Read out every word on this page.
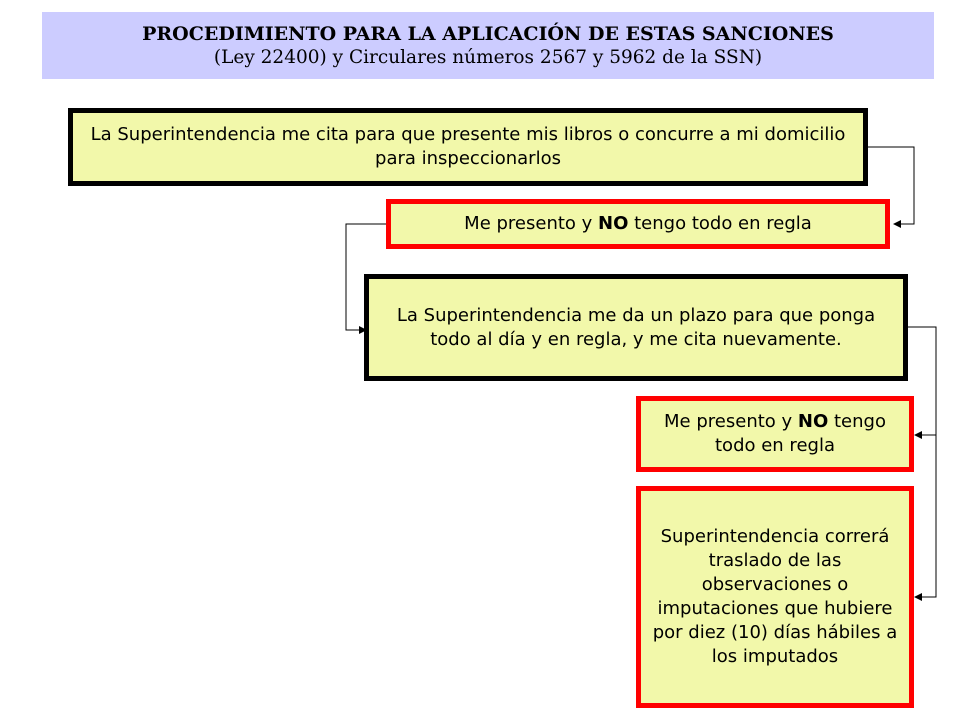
PROCEDIMIENTO PARA LA APLICACIÓN DE ESTAS SANCIONES
(Ley 22400) y Circulares números 2567 y 5962 de la SSN)
La Superintendencia me cita para que presente mis libros o concurre a mi domicilio para inspeccionarlos
Me presento y NO tengo todo en regla
La Superintendencia me da un plazo para que ponga todo al día y en regla, y me cita nuevamente.
Me presento y NO tengo todo en regla
Superintendencia correrá traslado de las observaciones o imputaciones que hubiere por diez (10) días hábiles a los imputados
